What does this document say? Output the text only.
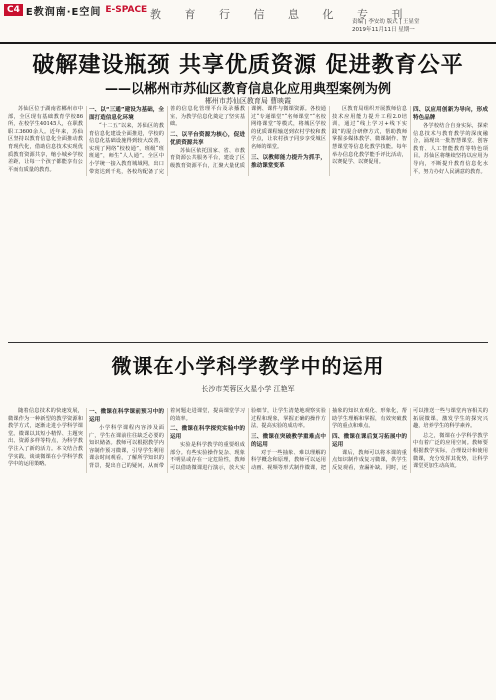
C4 E教润南·E空间 E-SPACE 教 育 行 信 息 化 专 刊
责编 | 李安幼 版式 | 王显堂
2019年11月11日 星期一
破解建设瓶颈 共享优质资源 促进教育公平
——以郴州市苏仙区教育信息化应用典型案例为例
郴州市苏仙区教育局 曹映霞

苏仙区位于湖南省郴州市中部，全区现有基础教育学校86所，在校学生40145人，在职教职工3600余人。近年来，苏仙区坚持以教育信息化全面推动教育现代化，借助信息技术实现优质教育资源共享，缩小城乡学校差距，让每一个孩子都能享有公平而有质量的教育。

一、以“三通”建设为基础，全面打造信息化环境

“十二五”以来，苏仙区的教育信息化建设全面推进，学校的信息化基础设施得到较大改善，实现了网络“校校通”，班级“班班通”，师生“人人通”。全区中小学统一接入教育城域网，出口带宽达到千兆，各校均配备了完善的信息化管理平台及录播教室，为教学信息化奠定了坚实基础。

二、以平台资源为核心，促进优质资源共享

苏仙区依托国家、省、市教育资源公共服务平台，建设了区级教育资源平台，汇聚大量优质课例、课件与微课资源。各校通过“专递课堂”“名师课堂”“名校网络课堂”等模式，将城区学校的优质课程输送到农村学校和教学点，让农村孩子同步享受城区名师的课堂。

三、以教师能力提升为抓手，推动课堂变革

区教育局组织开展教师信息技术应用能力提升工程2.0培训，通过“线上学习+线下实践”的混合研修方式，帮助教师掌握多媒体教学、微课制作、智慧课堂等信息化教学技能。每年举办信息化教学能手评比活动，以赛促学、以赛促用。

四、以应用创新为导向，形成特色品牌

各学校结合自身实际，探索信息技术与教育教学的深度融合，涌现出一批智慧课堂、创客教育、人工智能教育等特色项目。苏仙区将继续坚持以应用为导向，不断提升教育信息化水平，努力办好人民满意的教育。

微课在小学科学教学中的运用
长沙市芙蓉区火星小学 江艳军

随着信息技术的快速发展，微课作为一种新型的教学资源和教学方式，逐渐走进小学科学课堂。微课以其短小精悍、主题突出、资源多样等特点，为科学教学注入了新的活力。本文结合教学实践，谈谈微课在小学科学教学中的运用策略。

一、微课在科学课前预习中的运用

小学科学课程内容涉及面广，学生在课前往往缺乏必要的知识储备。教师可以根据教学内容制作预习微课，引导学生利用课余时间观看，了解所学知识的背景，提出自己的疑问，从而带着问题走进课堂，提高课堂学习的效率。

二、微课在科学探究实验中的运用

实验是科学教学的重要组成部分。有些实验操作复杂、现象不明显或存在一定危险性，教师可以借助微课进行演示，放大实验细节，让学生清楚地观察实验过程和现象，掌握正确的操作方法，提高实验的成功率。

三、微课在突破教学重难点中的运用

对于一些抽象、难以理解的科学概念和原理，教师可以运用动画、视频等形式制作微课，把抽象的知识直观化、形象化，帮助学生理解和掌握，有效突破教学的重点和难点。

四、微课在课后复习拓展中的运用

课后，教师可以将本课的重点知识制作成复习微课，供学生反复观看，查漏补缺。同时，还可以推送一些与课堂内容相关的拓展微课，激发学生的探究兴趣，培养学生的科学素养。

总之，微课在小学科学教学中有着广泛的应用空间。教师要根据教学实际，合理设计和使用微课，充分发挥其优势，让科学课堂更加生动高效。
